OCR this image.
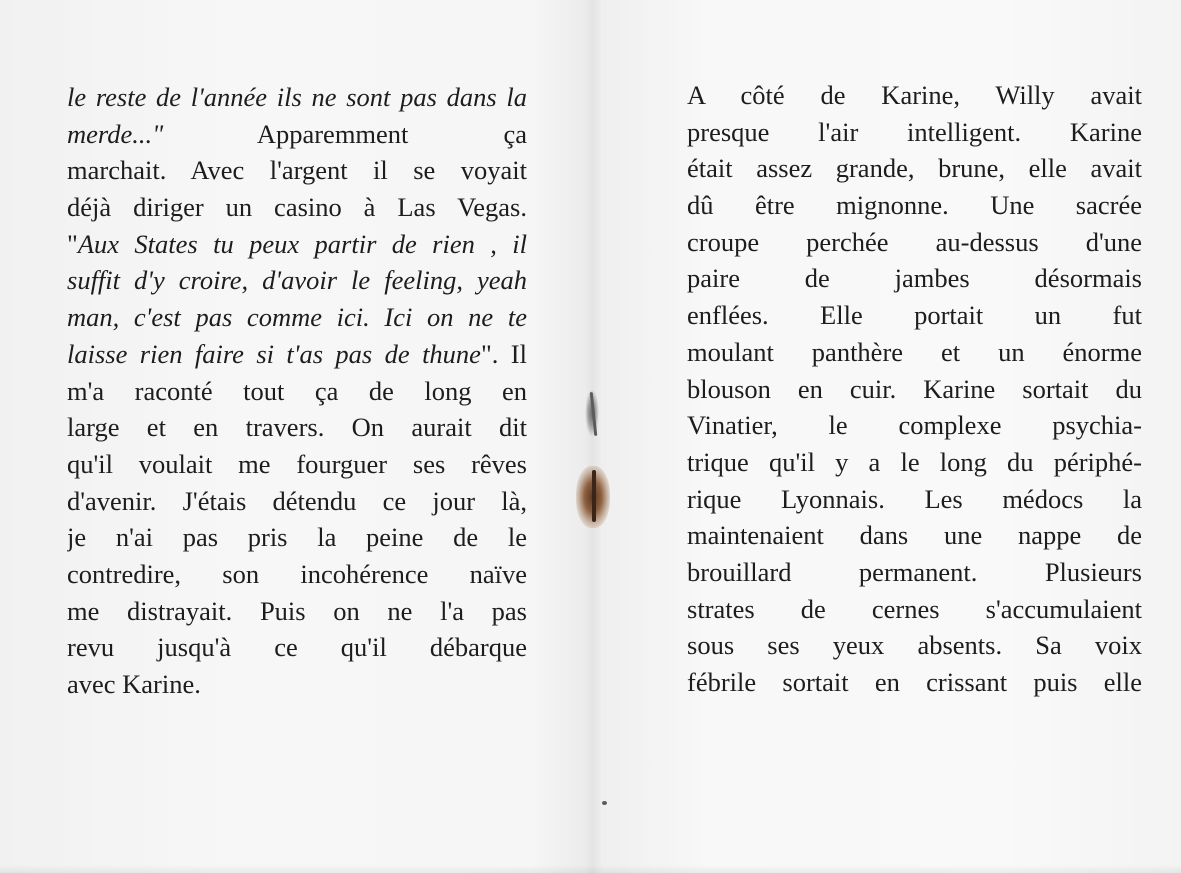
le reste de l'année ils ne sont pas dans la
merde..." Apparemment ça
marchait. Avec l'argent il se voyait
déjà diriger un casino à Las Vegas.
"Aux States tu peux partir de rien , il
suffit d'y croire, d'avoir le feeling, yeah
man, c'est pas comme ici. Ici on ne te
laisse rien faire si t'as pas de thune". Il
m'a raconté tout ça de long en
large et en travers. On aurait dit
qu'il voulait me fourguer ses rêves
d'avenir. J'étais détendu ce jour là,
je n'ai pas pris la peine de le
contredire, son incohérence naïve
me distrayait. Puis on ne l'a pas
revu jusqu'à ce qu'il débarque
avec Karine.
A côté de Karine, Willy avait
presque l'air intelligent. Karine
était assez grande, brune, elle avait
dû être mignonne. Une sacrée
croupe perchée au-dessus d'une
paire de jambes désormais
enflées. Elle portait un fut
moulant panthère et un énorme
blouson en cuir. Karine sortait du
Vinatier, le complexe psychia-
trique qu'il y a le long du périphé-
rique Lyonnais. Les médocs la
maintenaient dans une nappe de
brouillard permanent. Plusieurs
strates de cernes s'accumulaient
sous ses yeux absents. Sa voix
fébrile sortait en crissant puis elle
